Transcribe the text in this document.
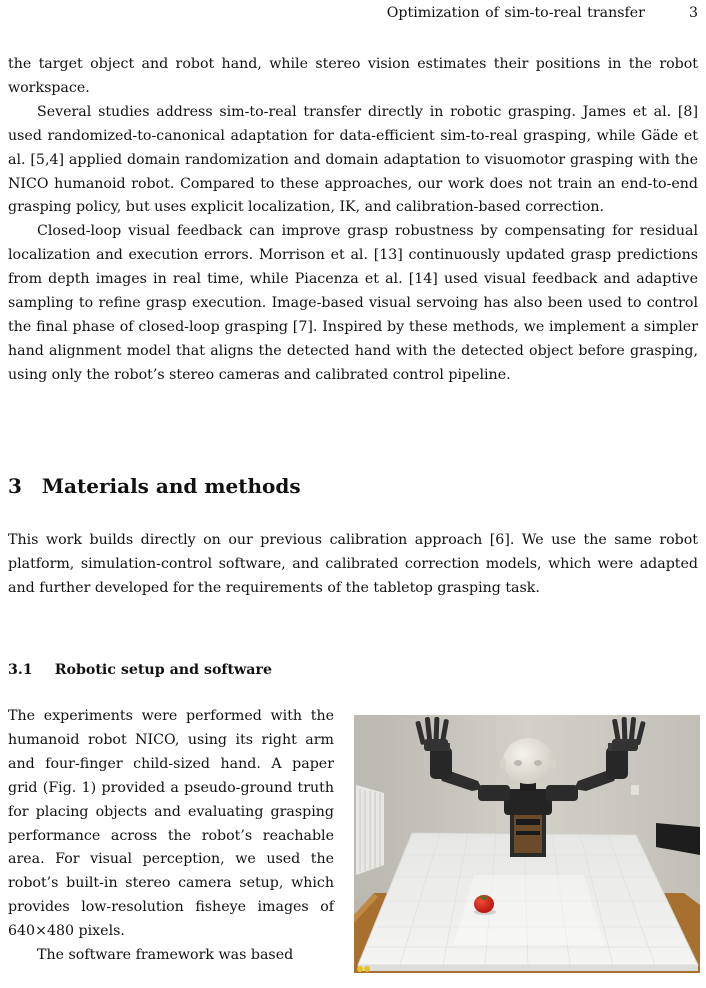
Optimization of sim-to-real transfer	3

the target object and robot hand, while stereo vision estimates their positions in the robot workspace.

Several studies address sim-to-real transfer directly in robotic grasping. James et al. [8] used randomized-to-canonical adaptation for data-efficient sim-to-real grasping, while Gäde et al. [5,4] applied domain randomization and domain adaptation to visuomotor grasping with the NICO humanoid robot. Compared to these approaches, our work does not train an end-to-end grasping policy, but uses explicit localization, IK, and calibration-based correction.

Closed-loop visual feedback can improve grasp robustness by compensating for residual localization and execution errors. Morrison et al. [13] continuously updated grasp predictions from depth images in real time, while Piacenza et al. [14] used visual feedback and adaptive sampling to refine grasp execution. Image-based visual servoing has also been used to control the final phase of closed-loop grasping [7]. Inspired by these methods, we implement a simpler hand alignment model that aligns the detected hand with the detected object before grasping, using only the robot’s stereo cameras and calibrated control pipeline.

3 Materials and methods

This work builds directly on our previous calibration approach [6]. We use the same robot platform, simulation-control software, and calibrated correction models, which were adapted and further developed for the requirements of the tabletop grasping task.

3.1 Robotic setup and software

The experiments were performed with the humanoid robot NICO, using its right arm and four-finger child-sized hand. A paper grid (Fig. 1) provided a pseudo-ground truth for placing objects and evaluating grasping performance across the robot’s reachable area. For visual perception, we used the robot’s built-in stereo camera setup, which provides low-resolution fisheye images of 640×480 pixels.

The software framework was based
